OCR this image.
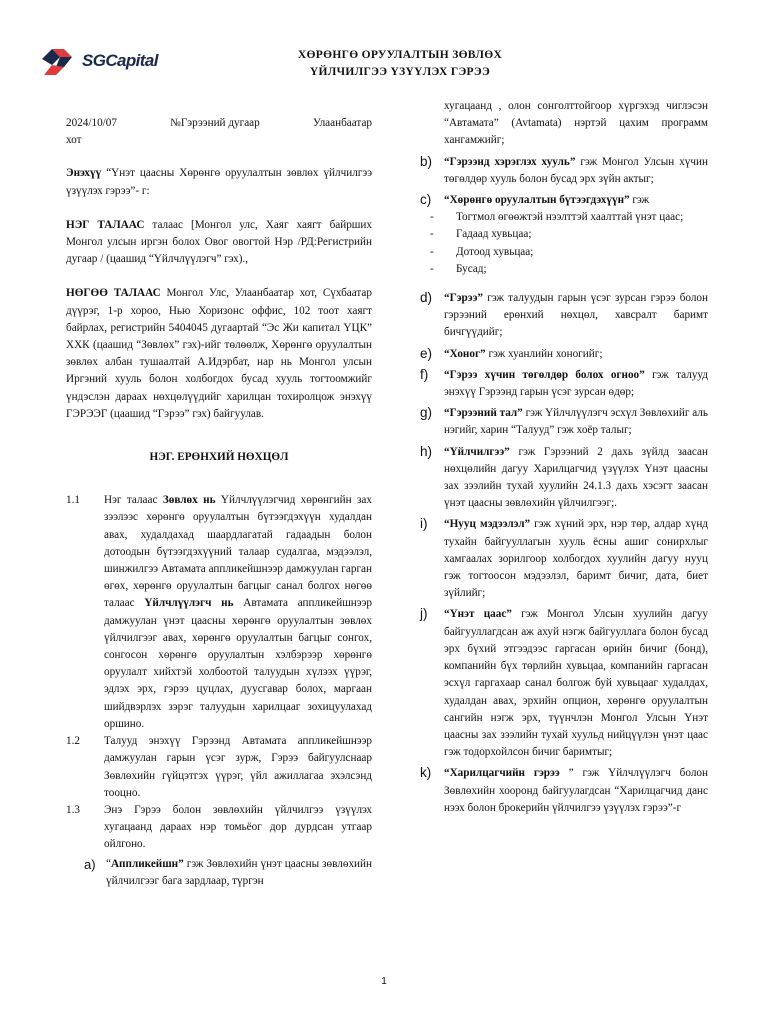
SGCapital	ХӨРӨНГӨ ОРУУЛАЛТЫН ЗӨВЛӨХ
ҮЙЛЧИЛГЭЭ ҮЗҮҮЛЭХ ГЭРЭЭ
2024/10/07	№Гэрээний дугаар	Улаанбаатар

хот

Энэхүү “Үнэт цаасны Хөрөнгө оруулалтын зөвлөх үйлчилгээ үзүүлэх гэрээ”- г:

НЭГ ТАЛААС талаас [Монгол улс, Хаяг хаягт байрших Монгол улсын иргэн болох Овог овогтой Нэр /РД:Регистрийн дугаар / (цаашид “Үйлчлүүлэгч” гэх).,

НӨГӨӨ ТАЛААС Монгол Улс, Улаанбаатар хот, Сүхбаатар дүүрэг, 1-р хороо, Нью Хоризонс оффис, 102 тоот хаягт байрлах, регистрийн 5404045 дугаартай “Эс Жи капитал ҮЦК” ХХК (цаашид “Зөвлөх” гэх)-ийг төлөөлж, Хөрөнгө оруулалтын зөвлөх албан тушаалтай А.Идэрбат, нар нь Монгол улсын Иргэний хууль болон холбогдох бусад хууль тогтоомжийг үндэслэн дараах нөхцөлүүдийг харилцан тохиролцож энэхүү ГЭРЭЭГ (цаашид “Гэрээ” гэх) байгуулав.

НЭГ. ЕРӨНХИЙ НӨХЦӨЛ

1.1 Нэг талаас Зөвлөх нь Үйлчлүүлэгчид хөрөнгийн зах зээлээс хөрөнгө оруулалтын бүтээгдэхүүн худалдан авах, худалдахад шаардлагатай гадаадын болон дотоодын бүтээгдэхүүний талаар судалгаа, мэдээлэл, шинжилгээ Автамата аппликейшнээр дамжуулан гарган өгөх, хөрөнгө оруулалтын багцыг санал болгох нөгөө талаас Үйлчлүүлэгч нь Автамата аппликейшнээр дамжуулан үнэт цаасны хөрөнгө оруулалтын зөвлөх үйлчилгээг авах, хөрөнгө оруулалтын багцыг сонгох, сонгосон хөрөнгө оруулалтын хэлбэрээр хөрөнгө оруулалт хийхтэй холбоотой талуудын хүлээх үүрэг, эдлэх эрх, гэрээ цуцлах, дуусгавар болох, маргаан шийдвэрлэх зэрэг талуудын харилцааг зохицуулахад оршино.
1.2 Талууд энэхүү Гэрээнд Автамата аппликейшнээр дамжуулан гарын үсэг зурж, Гэрээ байгуулснаар Зөвлөхийн гүйцэтгэх үүрэг, үйл ажиллагаа эхэлсэнд тооцно.
1.3 Энэ Гэрээ болон зөвлөхийн үйлчилгээ үзүүлэх хугацаанд дараах нэр томьёог дор дурдсан утгаар ойлгоно.
a) “Аппликейшн” гэж Зөвлөхийн үнэт цаасны зөвлөхийн үйлчилгээг бага зардлаар, түргэн

хугацаанд , олон сонголттойгоор хүргэхэд чиглэсэн “Автамата” (Avtamata) нэртэй цахим программ хангамжийг;

b) “Гэрээнд хэрэглэх хууль” гэж Монгол Улсын хүчин төгөлдөр хууль болон бусад эрх зүйн актыг;
c) “Хөрөнгө оруулалтын бүтээгдэхүүн” гэж
- Тогтмол өгөөжтэй нээлттэй хаалттай үнэт цаас;
- Гадаад хувьцаа;
- Дотоод хувьцаа;
- Бусад;
d) “Гэрээ” гэж талуудын гарын үсэг зурсан гэрээ болон гэрээний ерөнхий нөхцөл, хавсралт баримт бичгүүдийг;
e) “Хоног” гэж хуанлийн хоногийг;
f) “Гэрээ хүчин төгөлдөр болох огноо” гэж талууд энэхүү Гэрээнд гарын үсэг зурсан өдөр;
g) “Гэрээний тал” гэж Үйлчлүүлэгч эсхүл Зөвлөхийг аль нэгийг, харин “Талууд” гэж хоёр талыг;
h) “Үйлчилгээ” гэж Гэрээний 2 дахь зүйлд заасан нөхцөлийн дагуу Харилцагчид үзүүлэх Үнэт цаасны зах зээлийн тухай хуулийн 24.1.3 дахь хэсэгт заасан үнэт цаасны зөвлөхийн үйлчилгээг;.
i) “Нууц мэдээлэл” гэж хүний эрх, нэр төр, алдар хүнд тухайн байгууллагын хууль ёсны ашиг сонирхлыг хамгаалах зорилгоор холбогдох хуулийн дагуу нууц гэж тогтоосон мэдээлэл, баримт бичиг, дата, биет зүйлийг;
j) “Үнэт цаас” гэж Монгол Улсын хуулийн дагуу байгууллагдсан аж ахуй нэгж байгууллага болон бусад эрх бүхий этгээдээс гаргасан өрийн бичиг (бонд), компанийн бүх төрлийн хувьцаа, компанийн гаргасан эсхүл гаргахаар санал болгож буй хувьцааг худалдах, худалдан авах, эрхийн опцион, хөрөнгө оруулалтын сангийн нэгж эрх, түүнчлэн Монгол Улсын Үнэт цаасны зах зээлийн тухай хуульд нийцүүлэн үнэт цаас гэж тодорхойлсон бичиг баримтыг;
k) “Харилцагчийн гэрээ ” гэж Үйлчлүүлэгч болон Зөвлөхийн хооронд байгуулагдсан “Харилцагчид данс нээх болон брокерийн үйлчилгээ үзүүлэх гэрээ”-г
1
